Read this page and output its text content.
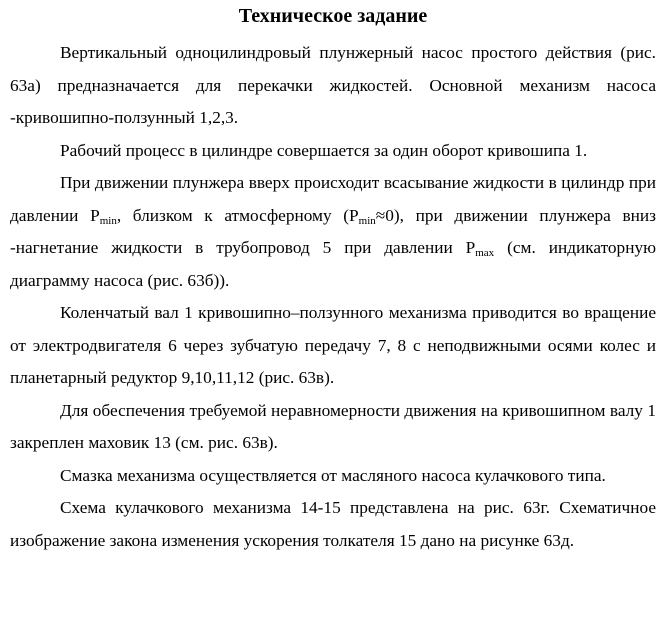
Техническое задание

Вертикальный одноцилиндровый плунжерный насос простого действия (рис. 63а) предназначается для перекачки жидкостей. Основной механизм насоса -кривошипно-ползунный 1,2,3.

Рабочий процесс в цилиндре совершается за один оборот кривошипа 1.

При движении плунжера вверх происходит всасывание жидкости в цилиндр при давлении $P_{min}$, близком к атмосферному $(P_{min}\approx 0)$, при движении плунжера вниз -нагнетание жидкости в трубопровод 5 при давлении $P_{max}$ (см. индикаторную диаграмму насоса (рис. 63б)).

Коленчатый вал 1 кривошипно–ползунного механизма приводится во вращение от электродвигателя 6 через зубчатую передачу 7, 8 с неподвижными осями колес и планетарный редуктор 9,10,11,12 (рис. 63в).

Для обеспечения требуемой неравномерности движения на кривошипном валу 1 закреплен маховик 13 (см. рис. 63в).

Смазка механизма осуществляется от масляного насоса кулачкового типа.

Схема кулачкового механизма 14-15 представлена на рис. 63г. Схематичное изображение закона изменения ускорения толкателя 15 дано на рисунке 63д.
